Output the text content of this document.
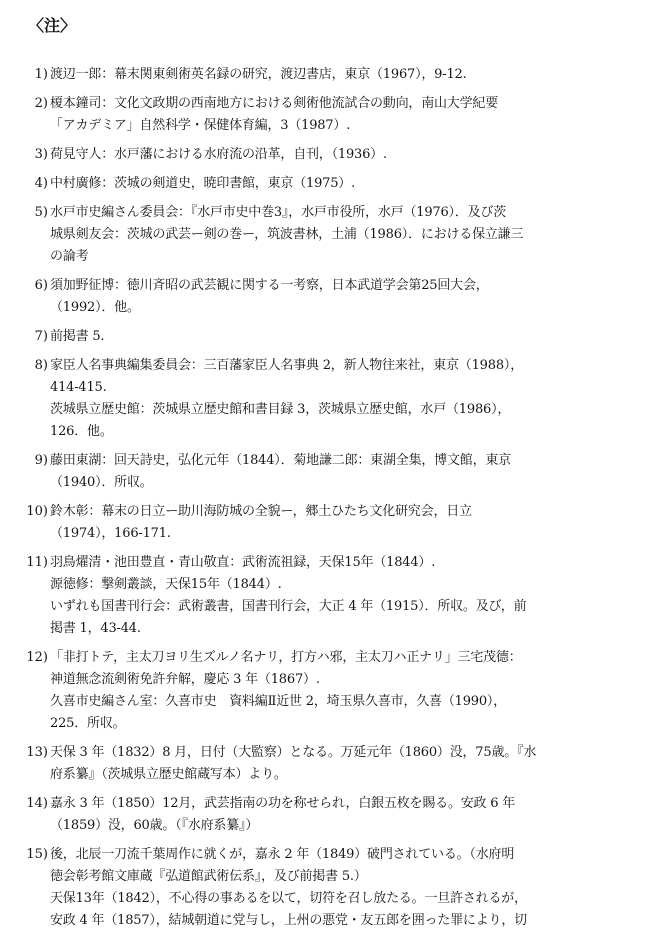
〈注〉
1) 渡辺一郎：幕末関東剣術英名録の研究，渡辺書店，東京（1967），9-12.
2) 榎本鐘司：文化文政期の西南地方における剣術他流試合の動向，南山大学紀要
「アカデミア」自然科学・保健体育編，3（1987）.
3) 荷見守人：水戸藩における水府流の沿革，自刊，（1936）.
4) 中村廣修：茨城の剣道史，暁印書館，東京（1975）.
5) 水戸市史編さん委員会：『水戸市史中巻3』，水戸市役所，水戸（1976）．及び茨
城県剣友会：茨城の武芸ー剣の巻ー，筑波書林，土浦（1986）．における保立謙三
の論考
6) 須加野征博：徳川斉昭の武芸観に関する一考察，日本武道学会第25回大会，
（1992）．他。
7) 前掲書 5.
8) 家臣人名事典編集委員会：三百藩家臣人名事典 2，新人物往来社，東京（1988），
414-415.
茨城県立歴史館：茨城県立歴史館和書目録 3，茨城県立歴史館，水戸（1986），
126．他。
9) 藤田東湖：回天詩史，弘化元年（1844）．菊地謙二郎：東湖全集，博文館，東京
（1940）．所収。
10) 鈴木彰：幕末の日立ー助川海防城の全貌ー，郷土ひたち文化研究会，日立
（1974），166-171.
11) 羽鳥燿清・池田豊直・青山敬直：武術流祖録，天保15年（1844）.
源徳修：撃剣叢談，天保15年（1844）.
いずれも国書刊行会：武術叢書，国書刊行会，大正 4 年（1915）．所収。及び，前
掲書 1，43-44.
12) 「非打トテ，主太刀ヨリ生ズルノ名ナリ，打方ハ邪，主太刀ハ正ナリ」三宅茂德：
神道無念流剣術免許弁解，慶応 3 年（1867）.
久喜市史編さん室：久喜市史　資料編Ⅱ近世 2，埼玉県久喜市，久喜（1990），
225．所収。
13) 天保 3 年（1832）8 月，日付（大監察）となる。万延元年（1860）没，75歳。『水
府系纂』（茨城県立歴史館蔵写本）より。
14) 嘉永 3 年（1850）12月，武芸指南の功を称せられ，白銀五枚を賜る。安政 6 年
（1859）没，60歳。（『水府系纂』）
15) 後，北辰一刀流千葉周作に就くが，嘉永 2 年（1849）破門されている。（水府明
徳会彰考館文庫蔵『弘道館武術伝系』，及び前掲書 5.）
天保13年（1842），不心得の事あるを以て，切符を召し放たる。一旦許されるが，
安政 4 年（1857），結城朝道に党与し，上州の悪党・友五郎を囲った罪により，切
